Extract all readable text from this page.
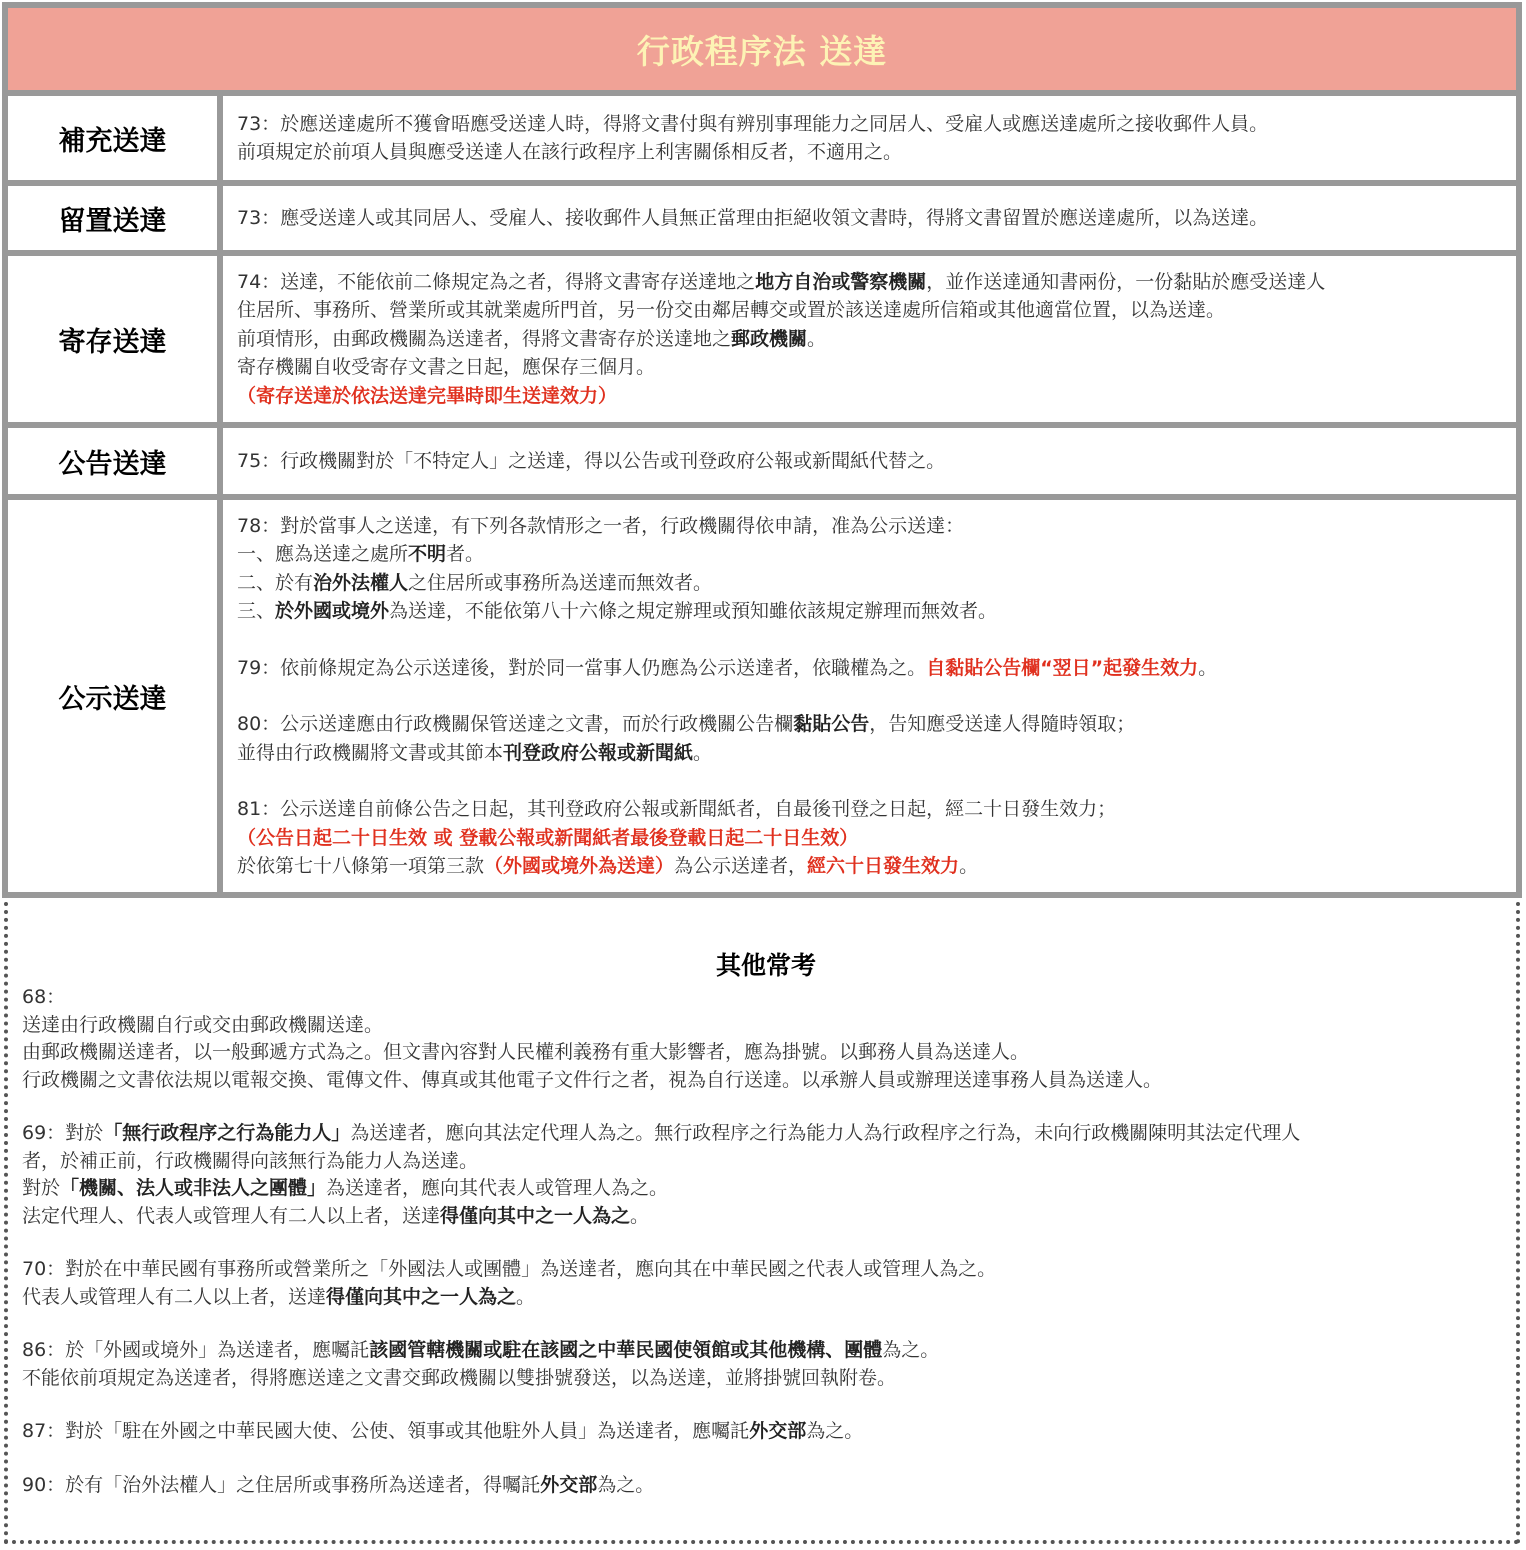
行政程序法 送達
補充送達
73：於應送達處所不獲會晤應受送達人時，得將文書付與有辨別事理能力之同居人、受雇人或應送達處所之接收郵件人員。
前項規定於前項人員與應受送達人在該行政程序上利害關係相反者，不適用之。
留置送達	73：應受送達人或其同居人、受雇人、接收郵件人員無正當理由拒絕收領文書時，得將文書留置於應送達處所，以為送達。
寄存送達
74：送達，不能依前二條規定為之者，得將文書寄存送達地之地方自治或警察機關，並作送達通知書兩份，一份黏貼於應受送達人
住居所、事務所、營業所或其就業處所門首，另一份交由鄰居轉交或置於該送達處所信箱或其他適當位置，以為送達。
前項情形，由郵政機關為送達者，得將文書寄存於送達地之郵政機關。
寄存機關自收受寄存文書之日起，應保存三個月。
（寄存送達於依法送達完畢時即生送達效力）
公告送達	75：行政機關對於「不特定人」之送達，得以公告或刊登政府公報或新聞紙代替之。
公示送達
78：對於當事人之送達，有下列各款情形之一者，行政機關得依申請，准為公示送達：
一、應為送達之處所不明者。
二、於有治外法權人之住居所或事務所為送達而無效者。
三、於外國或境外為送達，不能依第八十六條之規定辦理或預知雖依該規定辦理而無效者。
79：依前條規定為公示送達後，對於同一當事人仍應為公示送達者，依職權為之。自黏貼公告欄“翌日”起發生效力。
80：公示送達應由行政機關保管送達之文書，而於行政機關公告欄黏貼公告，告知應受送達人得隨時領取；
並得由行政機關將文書或其節本刊登政府公報或新聞紙。
81：公示送達自前條公告之日起，其刊登政府公報或新聞紙者，自最後刊登之日起，經二十日發生效力；
（公告日起二十日生效 或 登載公報或新聞紙者最後登載日起二十日生效）
於依第七十八條第一項第三款（外國或境外為送達）為公示送達者，經六十日發生效力。
其他常考
68：
送達由行政機關自行或交由郵政機關送達。
由郵政機關送達者，以一般郵遞方式為之。但文書內容對人民權利義務有重大影響者，應為掛號。以郵務人員為送達人。
行政機關之文書依法規以電報交換、電傳文件、傳真或其他電子文件行之者，視為自行送達。以承辦人員或辦理送達事務人員為送達人。
69：對於「無行政程序之行為能力人」為送達者，應向其法定代理人為之。無行政程序之行為能力人為行政程序之行為，未向行政機關陳明其法定代理人
者，於補正前，行政機關得向該無行為能力人為送達。
對於「機關、法人或非法人之團體」為送達者，應向其代表人或管理人為之。
法定代理人、代表人或管理人有二人以上者，送達得僅向其中之一人為之。
70：對於在中華民國有事務所或營業所之「外國法人或團體」為送達者，應向其在中華民國之代表人或管理人為之。
代表人或管理人有二人以上者，送達得僅向其中之一人為之。
86：於「外國或境外」為送達者，應囑託該國管轄機關或駐在該國之中華民國使領館或其他機構、團體為之。
不能依前項規定為送達者，得將應送達之文書交郵政機關以雙掛號發送，以為送達，並將掛號回執附卷。
87：對於「駐在外國之中華民國大使、公使、領事或其他駐外人員」為送達者，應囑託外交部為之。
90：於有「治外法權人」之住居所或事務所為送達者，得囑託外交部為之。
